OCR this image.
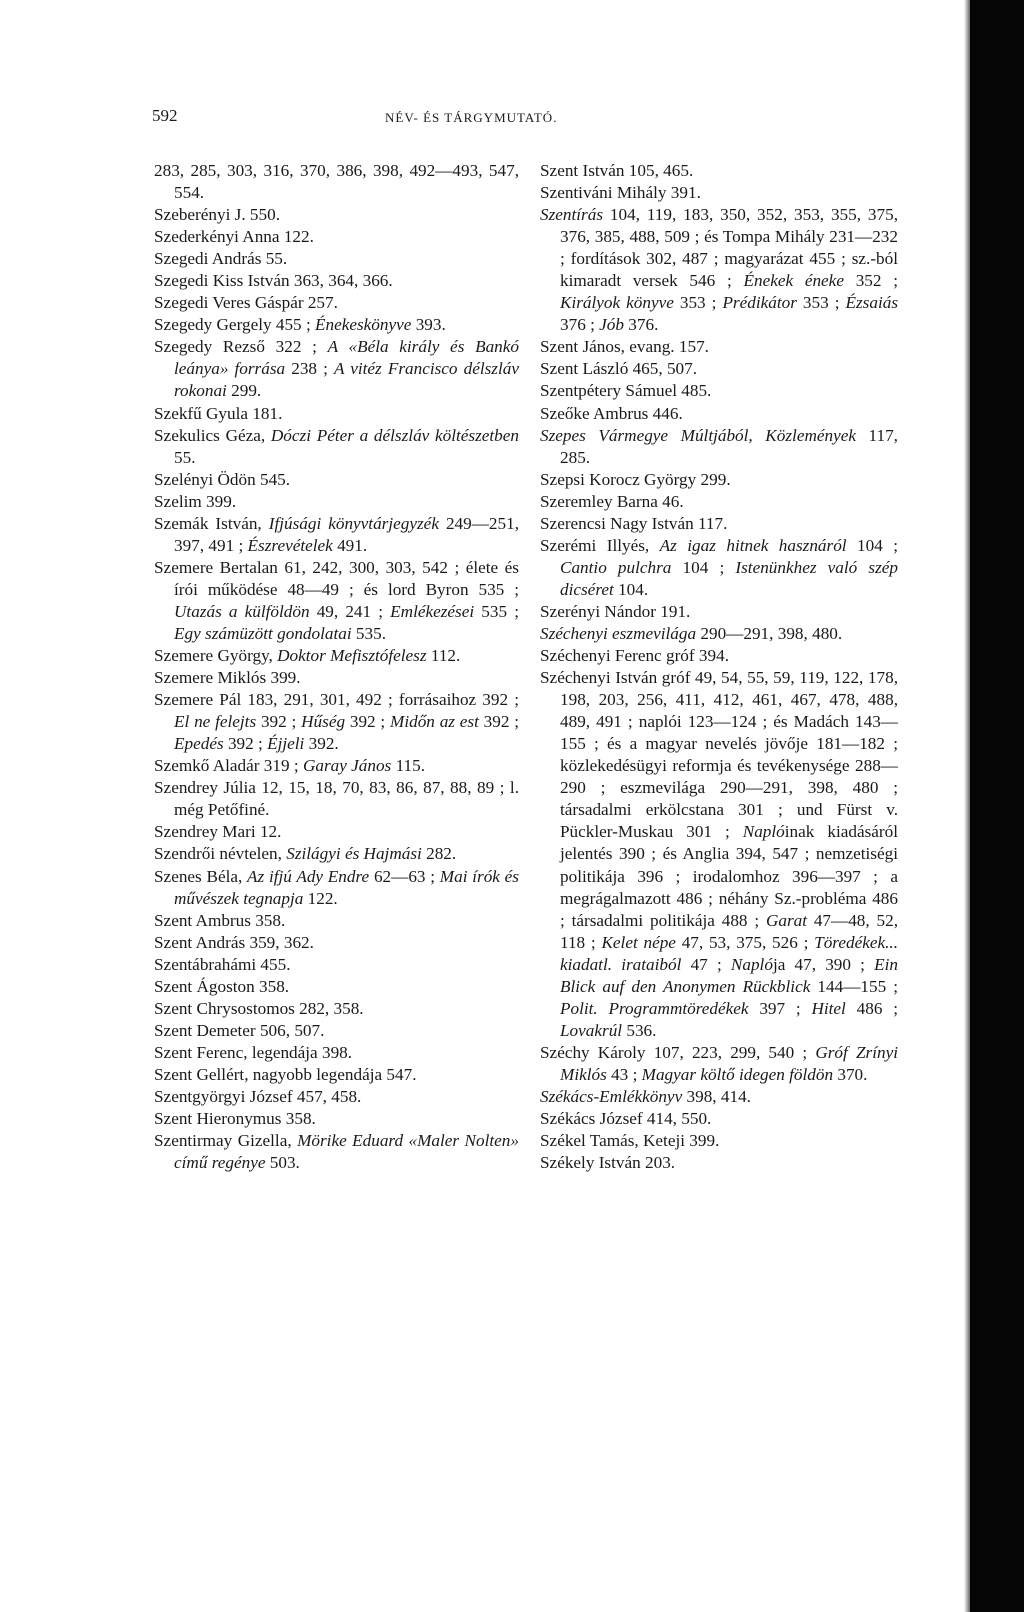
592	NÉV- ÉS TÁRGYMUTATÓ.

283, 285, 303, 316, 370, 386, 398, 492—493, 547, 554.

Szeberényi J. 550.

Szederkényi Anna 122.

Szegedi András 55.

Szegedi Kiss István 363, 364, 366.

Szegedi Veres Gáspár 257.

Szegedy Gergely 455 ; Énekeskönyve 393.

Szegedy Rezső 322 ; A «Béla király és Bankó leánya» forrása 238 ; A vitéz Francisco délszláv rokonai 299.

Szekfű Gyula 181.

Szekulics Géza, Dóczi Péter a délszláv költészetben 55.

Szelényi Ödön 545.

Szelim 399.

Szemák István, Ifjúsági könyvtárjegyzék 249—251, 397, 491 ; Észrevételek 491.

Szemere Bertalan 61, 242, 300, 303, 542 ; élete és írói működése 48—49 ; és lord Byron 535 ; Utazás a külföldön 49, 241 ; Emlékezései 535 ; Egy számüzött gondolatai 535.

Szemere György, Doktor Mefisztófelesz 112.

Szemere Miklós 399.

Szemere Pál 183, 291, 301, 492 ; forrásaihoz 392 ; El ne felejts 392 ; Hűség 392 ; Midőn az est 392 ; Epedés 392 ; Éjjeli 392.

Szemkő Aladár 319 ; Garay János 115.

Szendrey Júlia 12, 15, 18, 70, 83, 86, 87, 88, 89 ; l. még Petőfiné.

Szendrey Mari 12.

Szendrői névtelen, Szilágyi és Hajmási 282.

Szenes Béla, Az ifjú Ady Endre 62—63 ; Mai írók és művészek tegnapja 122.

Szent Ambrus 358.

Szent András 359, 362.

Szentábrahámi 455.

Szent Ágoston 358.

Szent Chrysostomos 282, 358.

Szent Demeter 506, 507.

Szent Ferenc, legendája 398.

Szent Gellért, nagyobb legendája 547.

Szentgyörgyi József 457, 458.

Szent Hieronymus 358.

Szentirmay Gizella, Mörike Eduard «Maler Nolten» című regénye 503.

Szent István 105, 465.

Szentiváni Mihály 391.

Szentírás 104, 119, 183, 350, 352, 353, 355, 375, 376, 385, 488, 509 ; és Tompa Mihály 231—232 ; fordítások 302, 487 ; magyarázat 455 ; sz.-ból kimaradt versek 546 ; Énekek éneke 352 ; Királyok könyve 353 ; Prédikátor 353 ; Ézsaiás 376 ; Jób 376.

Szent János, evang. 157.

Szent László 465, 507.

Szentpétery Sámuel 485.

Szeőke Ambrus 446.

Szepes Vármegye Múltjából, Közlemények 117, 285.

Szepsi Korocz György 299.

Szeremley Barna 46.

Szerencsi Nagy István 117.

Szerémi Illyés, Az igaz hitnek hasznáról 104 ; Cantio pulchra 104 ; Istenünkhez való szép dicséret 104.

Szerényi Nándor 191.

Széchenyi eszmevilága 290—291, 398, 480.

Széchenyi Ferenc gróf 394.

Széchenyi István gróf 49, 54, 55, 59, 119, 122, 178, 198, 203, 256, 411, 412, 461, 467, 478, 488, 489, 491 ; naplói 123—124 ; és Madách 143—155 ; és a magyar nevelés jövője 181—182 ; közlekedésügyi reformja és tevékenysége 288—290 ; eszmevilága 290—291, 398, 480 ; társadalmi erkölcstana 301 ; und Fürst v. Pückler-Muskau 301 ; Naplóinak kiadásáról jelentés 390 ; és Anglia 394, 547 ; nemzetiségi politikája 396 ; irodalomhoz 396—397 ; a megrágalmazott 486 ; néhány Sz.-probléma 486 ; társadalmi politikája 488 ; Garat 47—48, 52, 118 ; Kelet népe 47, 53, 375, 526 ; Töredékek... kiadatl. irataiból 47 ; Naplója 47, 390 ; Ein Blick auf den Anonymen Rückblick 144—155 ; Polit. Programmtöredékek 397 ; Hitel 486 ; Lovakrúl 536.

Széchy Károly 107, 223, 299, 540 ; Gróf Zrínyi Miklós 43 ; Magyar költő idegen földön 370.

Székács-Emlékkönyv 398, 414.

Székács József 414, 550.

Székel Tamás, Keteji 399.

Székely István 203.
